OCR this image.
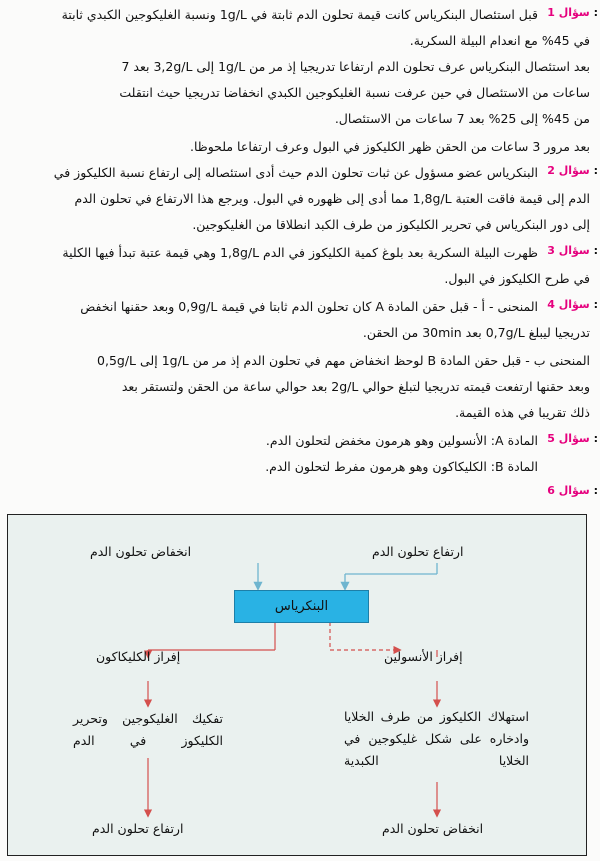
سؤال 1 :
قبل استئصال البنكرياس كانت قيمة تحلون الدم ثابتة في 1g/L ونسبة الغليكوجين الكبدي ثابتة
في 45% مع انعدام البيلة السكرية.
بعد استئصال البنكرياس عرف تحلون الدم ارتفاعا تدريجيا إذ مر من 1g/L إلى 3,2g/L بعد 7
ساعات من الاستئصال في حين عرفت نسبة الغليكوجين الكبدي انخفاضا تدريجيا حيث انتقلت
من 45% إلى 25% بعد 7 ساعات من الاستئصال.
بعد مرور 3 ساعات من الحقن ظهر الكليكوز في البول وعرف ارتفاعا ملحوظا.
سؤال 2 :
البنكرياس عضو مسؤول عن ثبات تحلون الدم حيث أدى استئصاله إلى ارتفاع نسبة الكليكوز في
الدم إلى قيمة فاقت العتبة 1,8g/L مما أدى إلى ظهوره في البول. ويرجع هذا الارتفاع في تحلون الدم
إلى دور البنكرياس في تحرير الكليكوز من طرف الكبد انطلاقا من الغليكوجين.
سؤال 3 :
ظهرت البيلة السكرية بعد بلوغ كمية الكليكوز في الدم 1,8g/L وهي قيمة عتبة تبدأ فيها الكلية
في طرح الكليكوز في البول.
سؤال 4 :
المنحنى - أ - قبل حقن المادة A كان تحلون الدم ثابتا في قيمة 0,9g/L وبعد حقنها انخفض
تدريجيا ليبلغ 0,7g/L بعد 30min من الحقن.
المنحنى ب - قبل حقن المادة B لوحظ انخفاض مهم في تحلون الدم إذ مر من 1g/L إلى 0,5g/L
وبعد حقنها ارتفعت قيمته تدريجيا لتبلغ حوالي 2g/L بعد حوالي ساعة من الحقن ولتستقر بعد
ذلك تقريبا في هذه القيمة.
سؤال 5 :
المادة A: الأنسولين وهو هرمون مخفض لتحلون الدم.
المادة B: الكليكاكون وهو هرمون مفرط لتحلون الدم.
سؤال 6 :
ارتفاع تحلون الدم
انخفاض تحلون الدم
البنكرياس
إفراز الأنسولين
إفراز الكليكاكون
استهلاك الكليكوز من طرف الخلايا وادخاره على شكل غليكوجين في الخلايا الكبدية
تفكيك الغليكوجين وتحرير الكليكوز في الدم
انخفاض تحلون الدم
ارتفاع تحلون الدم
